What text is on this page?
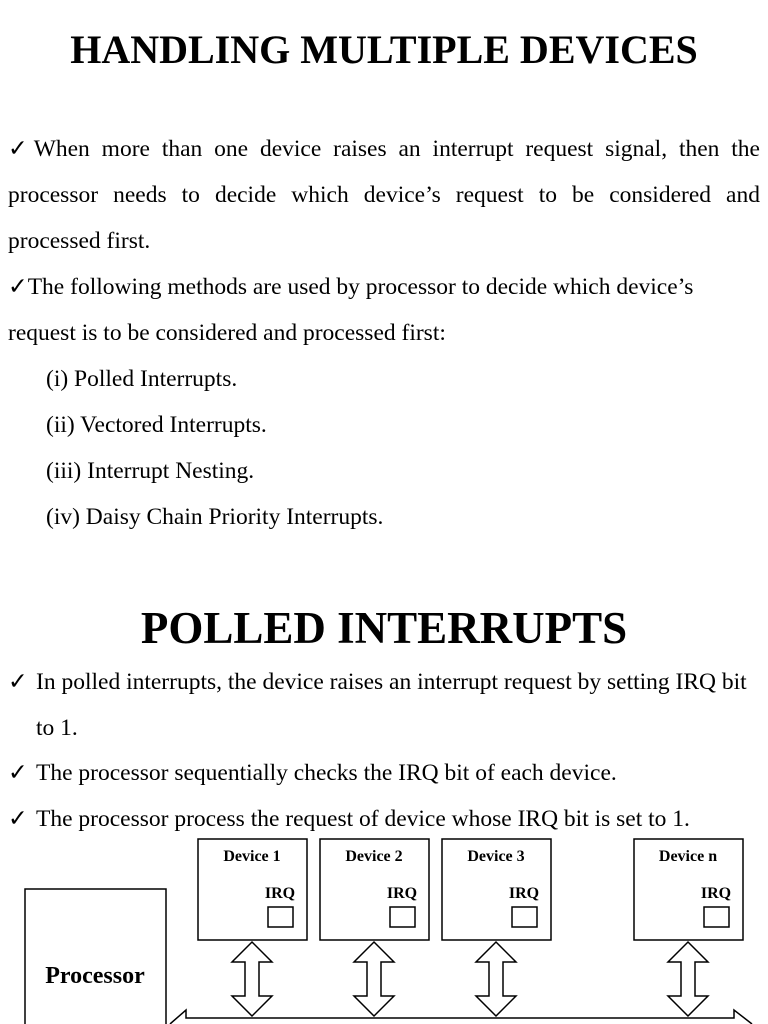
HANDLING MULTIPLE DEVICES

✓When more than one device raises an interrupt request signal, then the processor needs to decide which device’s request to be considered and processed first.

✓The following methods are used by processor to decide which device’s request is to be considered and processed first:

(i) Polled Interrupts.

(ii) Vectored Interrupts.

(iii) Interrupt Nesting.

(iv) Daisy Chain Priority Interrupts.

POLLED INTERRUPTS
✓ In polled interrupts, the device raises an interrupt request by setting IRQ bit to 1.
✓ The processor sequentially checks the IRQ bit of each device.
✓ The processor process the request of device whose IRQ bit is set to 1.
Processor
Device 1
IRQ
Device 2
IRQ
Device 3
IRQ
Device n
IRQ
